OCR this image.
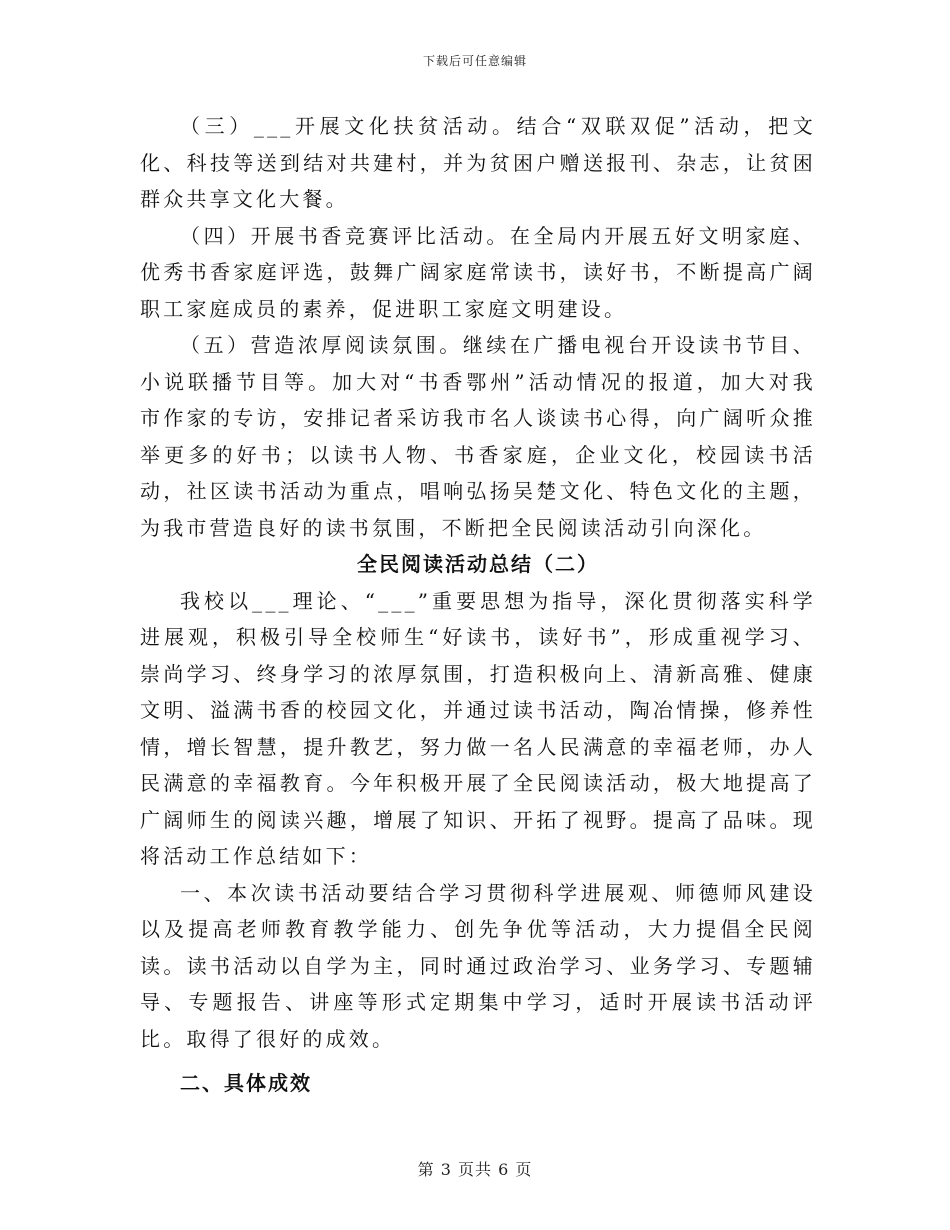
下载后可任意编辑

（三）___开展文化扶贫活动。结合“双联双促”活动，把文化、科技等送到结对共建村，并为贫困户赠送报刊、杂志，让贫困群众共享文化大餐。

（四）开展书香竞赛评比活动。在全局内开展五好文明家庭、优秀书香家庭评选，鼓舞广阔家庭常读书，读好书，不断提高广阔职工家庭成员的素养，促进职工家庭文明建设。

（五）营造浓厚阅读氛围。继续在广播电视台开设读书节目、小说联播节目等。加大对“书香鄂州”活动情况的报道，加大对我市作家的专访，安排记者采访我市名人谈读书心得，向广阔听众推举更多的好书；以读书人物、书香家庭，企业文化，校园读书活动，社区读书活动为重点，唱响弘扬吴楚文化、特色文化的主题，为我市营造良好的读书氛围，不断把全民阅读活动引向深化。

全民阅读活动总结（二）

我校以___理论、“___”重要思想为指导，深化贯彻落实科学进展观，积极引导全校师生“好读书，读好书”，形成重视学习、崇尚学习、终身学习的浓厚氛围，打造积极向上、清新高雅、健康文明、溢满书香的校园文化，并通过读书活动，陶冶情操，修养性情，增长智慧，提升教艺，努力做一名人民满意的幸福老师，办人民满意的幸福教育。今年积极开展了全民阅读活动，极大地提高了广阔师生的阅读兴趣，增展了知识、开拓了视野。提高了品味。现将活动工作总结如下：

一、本次读书活动要结合学习贯彻科学进展观、师德师风建设以及提高老师教育教学能力、创先争优等活动，大力提倡全民阅读。读书活动以自学为主，同时通过政治学习、业务学习、专题辅导、专题报告、讲座等形式定期集中学习，适时开展读书活动评比。取得了很好的成效。

二、具体成效

第 3 页共 6 页
